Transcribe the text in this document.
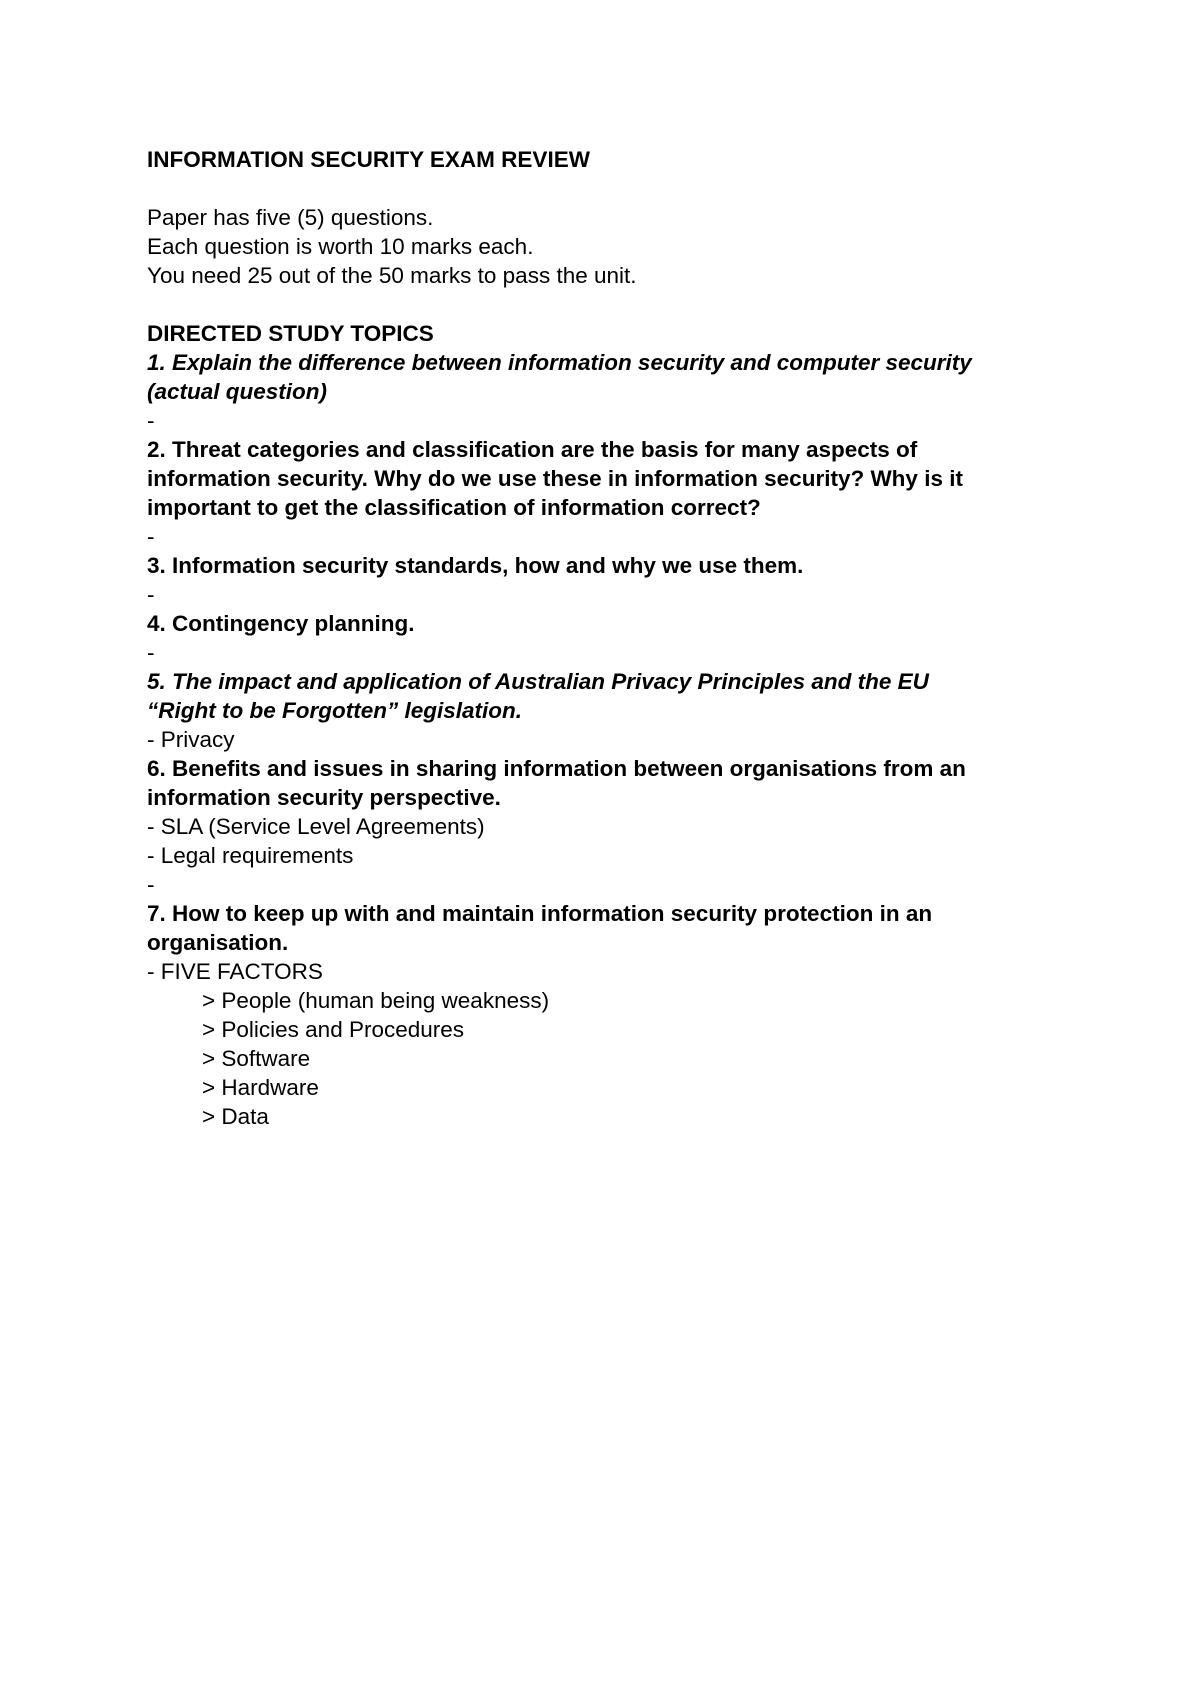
INFORMATION SECURITY EXAM REVIEW
Paper has five (5) questions.
Each question is worth 10 marks each.
You need 25 out of the 50 marks to pass the unit.
DIRECTED STUDY TOPICS
1. Explain the difference between information security and computer security
(actual question)
-
2. Threat categories and classification are the basis for many aspects of
information security. Why do we use these in information security? Why is it
important to get the classification of information correct?
-
3. Information security standards, how and why we use them.
-
4. Contingency planning.
-
5. The impact and application of Australian Privacy Principles and the EU
“Right to be Forgotten” legislation.
- Privacy
6. Benefits and issues in sharing information between organisations from an
information security perspective.
- SLA (Service Level Agreements)
- Legal requirements
-
7. How to keep up with and maintain information security protection in an
organisation.
- FIVE FACTORS
> People (human being weakness)
> Policies and Procedures
> Software
> Hardware
> Data
